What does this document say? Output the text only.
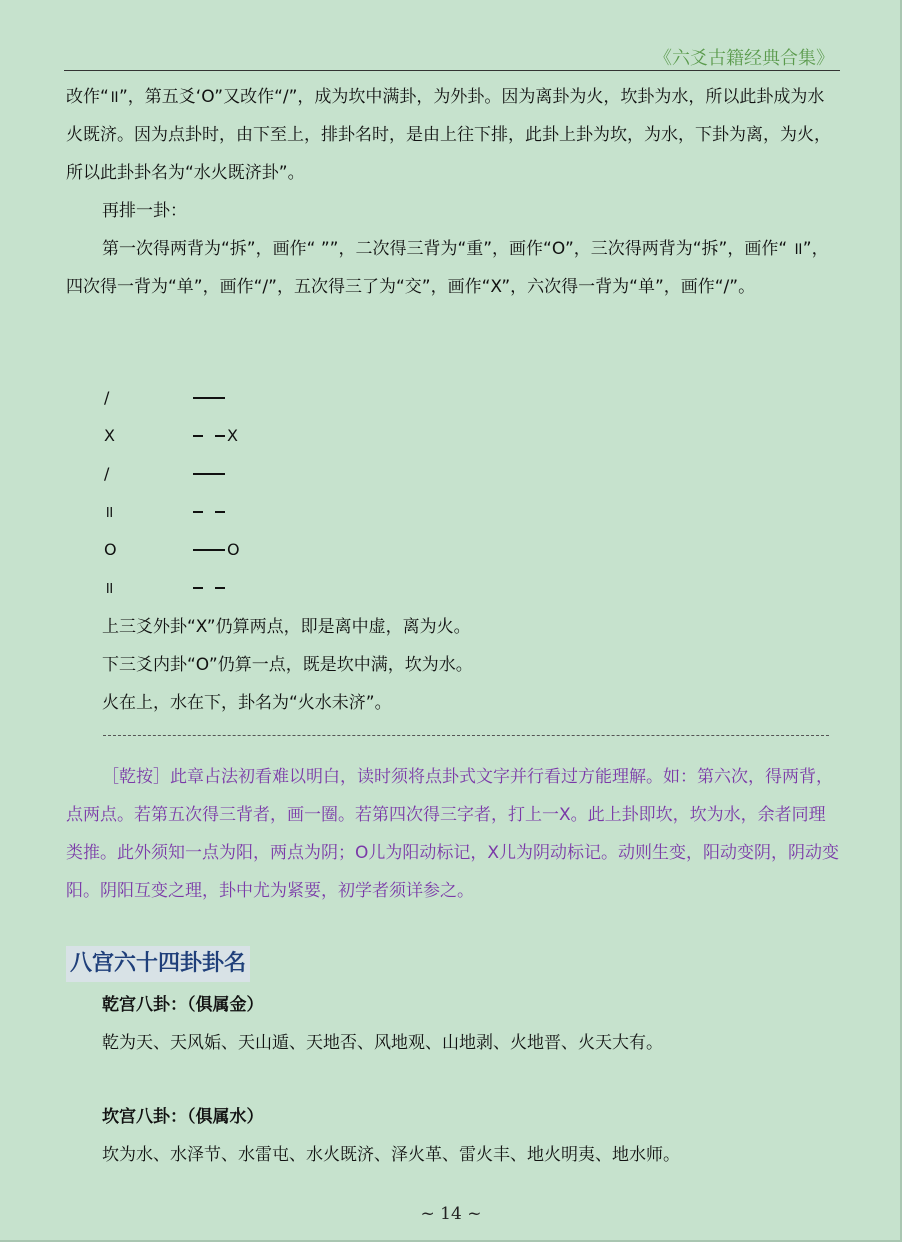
《六爻古籍经典合集》

改作“॥”，第五爻‘O”又改作“/”，成为坎中满卦，为外卦。因为离卦为火，坎卦为水，所以此卦成为水火既济。因为点卦时，由下至上，排卦名时，是由上往下排，此卦上卦为坎，为水，下卦为离，为火，所以此卦卦名为“水火既济卦”。

再排一卦：

第一次得两背为“拆”，画作“ ””，二次得三背为“重”，画作“O”，三次得两背为“拆”，画作“ ॥”，四次得一背为“单”，画作“/”，五次得三了为“交”，画作“X”，六次得一背为“单”，画作“/”。

/
X	X
/
॥
O	O
॥

上三爻外卦“X”仍算两点，即是离中虚，离为火。

下三爻内卦“O”仍算一点，既是坎中满，坎为水。

火在上，水在下，卦名为“火水未济”。

［乾按］此章占法初看难以明白，读时须将点卦式文字并行看过方能理解。如：第六次，得两背，点两点。若第五次得三背者，画一圈。若第四次得三字者，打上一X。此上卦即坎，坎为水，余者同理类推。此外须知一点为阳，两点为阴；O儿为阳动标记，X儿为阴动标记。动则生变，阳动变阴，阴动变阳。阴阳互变之理，卦中尤为紧要，初学者须详参之。

八宫六十四卦卦名
乾宫八卦：（俱属金）
乾为天、天风姤、天山遁、天地否、风地观、山地剥、火地晋、火天大有。
坎宫八卦：（俱属水）
坎为水、水泽节、水雷屯、水火既济、泽火革、雷火丰、地火明夷、地水师。
~ 14 ~
